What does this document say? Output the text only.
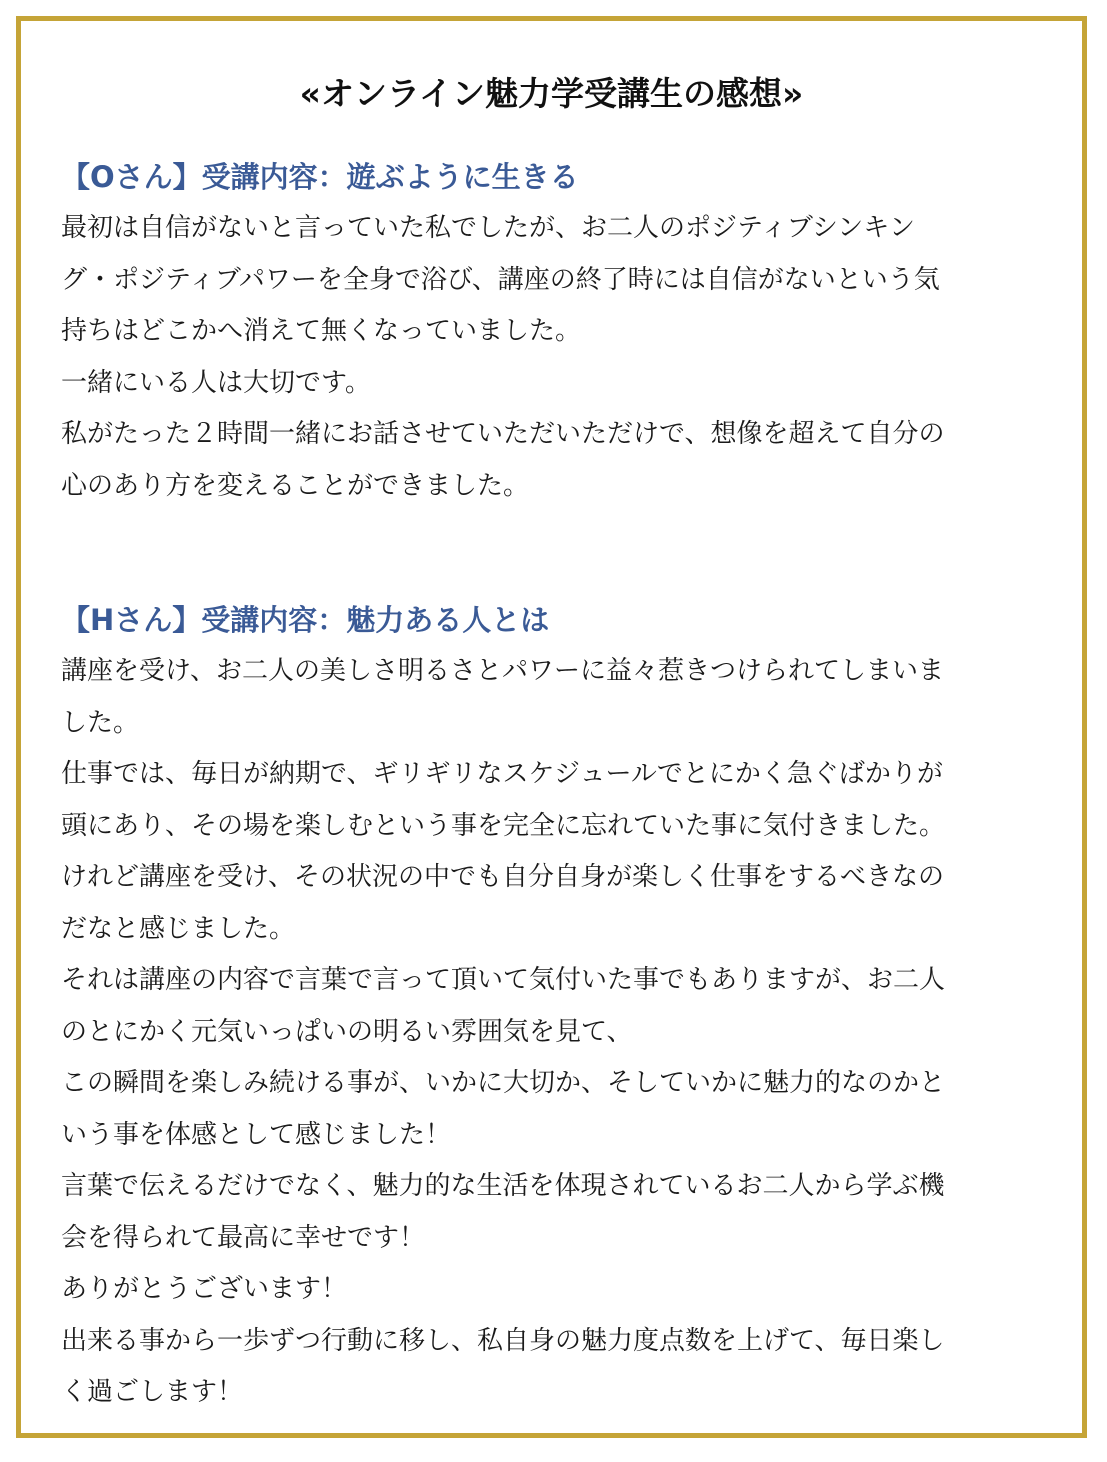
«オンライン魅力学受講生の感想»

【Oさん】受講内容：遊ぶように生きる

最初は自信がないと言っていた私でしたが、お二人のポジティブシンキン

グ・ポジティブパワーを全身で浴び、講座の終了時には自信がないという気

持ちはどこかへ消えて無くなっていました。

一緒にいる人は大切です。

私がたった２時間一緒にお話させていただいただけで、想像を超えて自分の

心のあり方を変えることができました。

【Hさん】受講内容：魅力ある人とは

講座を受け、お二人の美しさ明るさとパワーに益々惹きつけられてしまいま

した。

仕事では、毎日が納期で、ギリギリなスケジュールでとにかく急ぐばかりが

頭にあり、その場を楽しむという事を完全に忘れていた事に気付きました。

けれど講座を受け、その状況の中でも自分自身が楽しく仕事をするべきなの

だなと感じました。

それは講座の内容で言葉で言って頂いて気付いた事でもありますが、お二人

のとにかく元気いっぱいの明るい雰囲気を見て、

この瞬間を楽しみ続ける事が、いかに大切か、そしていかに魅力的なのかと

いう事を体感として感じました！

言葉で伝えるだけでなく、魅力的な生活を体現されているお二人から学ぶ機

会を得られて最高に幸せです！

ありがとうございます！

出来る事から一歩ずつ行動に移し、私自身の魅力度点数を上げて、毎日楽し

く過ごします！
